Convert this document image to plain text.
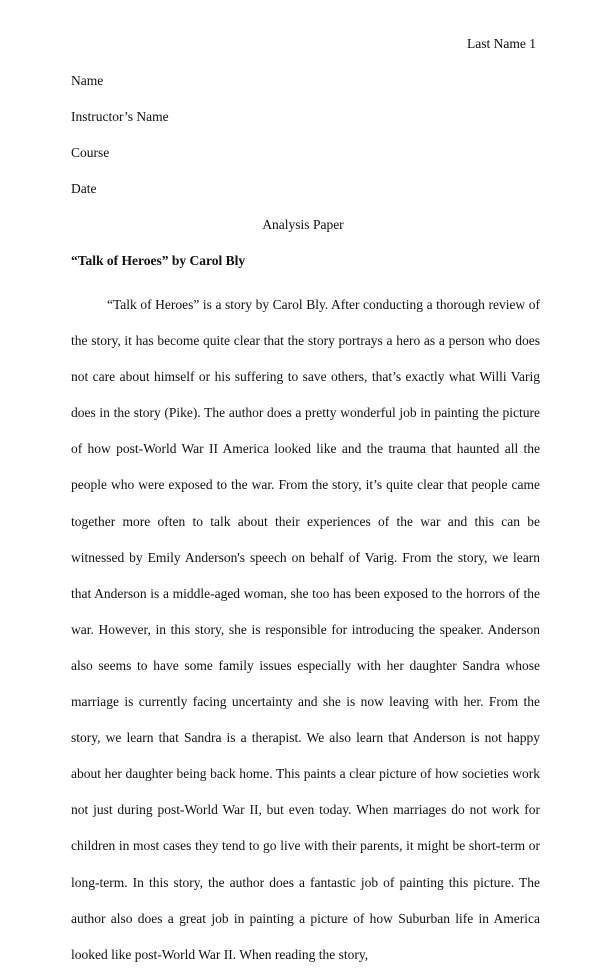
Last Name 1
Name
Instructor’s Name
Course
Date
Analysis Paper
“Talk of Heroes” by Carol Bly

“Talk of Heroes” is a story by Carol Bly. After conducting a thorough review of the story, it has become quite clear that the story portrays a hero as a person who does not care about himself or his suffering to save others, that’s exactly what Willi Varig does in the story (Pike). The author does a pretty wonderful job in painting the picture of how post-World War II America looked like and the trauma that haunted all the people who were exposed to the war. From the story, it’s quite clear that people came together more often to talk about their experiences of the war and this can be witnessed by Emily Anderson's speech on behalf of Varig. From the story, we learn that Anderson is a middle-aged woman, she too has been exposed to the horrors of the war. However, in this story, she is responsible for introducing the speaker. Anderson also seems to have some family issues especially with her daughter Sandra whose marriage is currently facing uncertainty and she is now leaving with her. From the story, we learn that Sandra is a therapist. We also learn that Anderson is not happy about her daughter being back home. This paints a clear picture of how societies work not just during post-World War II, but even today. When marriages do not work for children in most cases they tend to go live with their parents, it might be short-term or long-term. In this story, the author does a fantastic job of painting this picture. The author also does a great job in painting a picture of how Suburban life in America looked like post-World War II. When reading the story,
